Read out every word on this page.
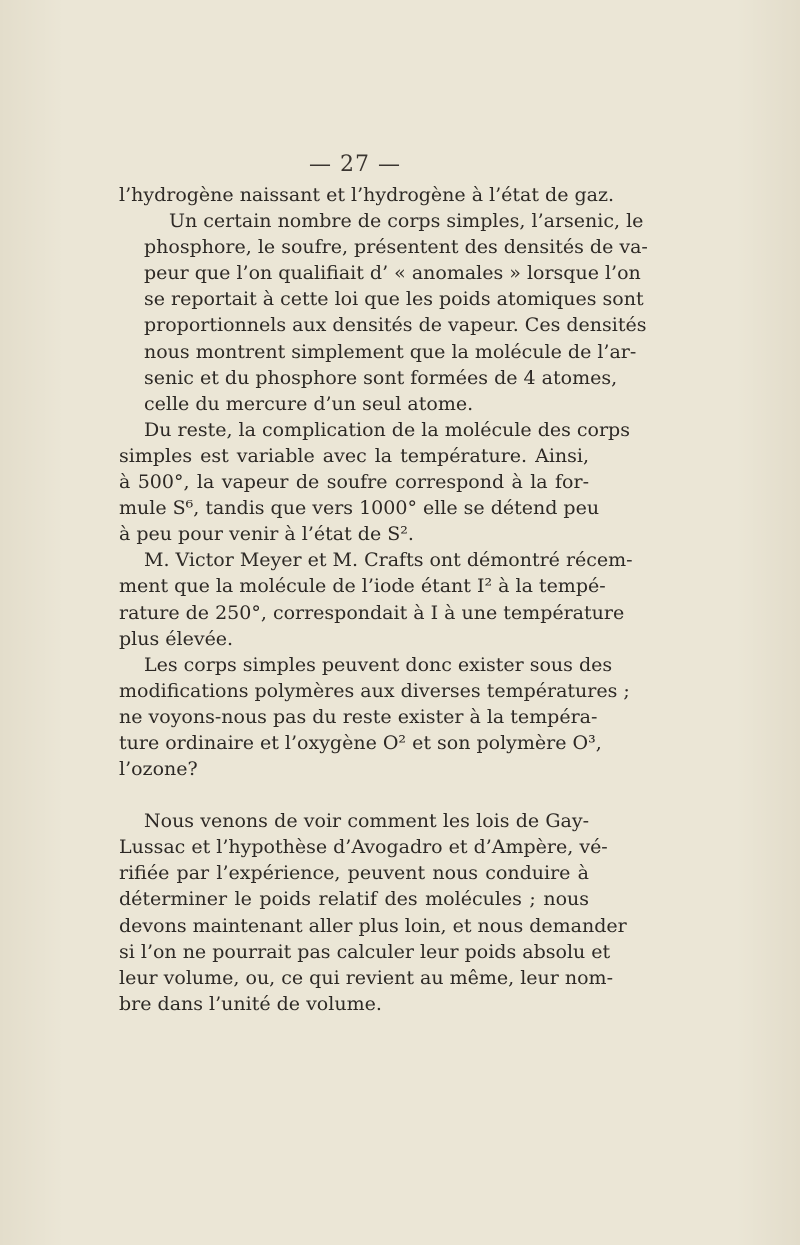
— 27 —

l’hydrogène naissant et l’hydrogène à l’état de gaz.

Un certain nombre de corps simples, l’arsenic, le
phosphore, le soufre, présentent des densités de va-
peur que l’on qualifiait d’ « anomales » lorsque l’on
se reportait à cette loi que les poids atomiques sont
proportionnels aux densités de vapeur. Ces densités
nous montrent simplement que la molécule de l’ar-
senic et du phosphore sont formées de 4 atomes,
celle du mercure d’un seul atome.

Du reste, la complication de la molécule des corps
simples est variable avec la température. Ainsi,
à 500°, la vapeur de soufre correspond à la for-
mule S⁶, tandis que vers 1000° elle se détend peu
à peu pour venir à l’état de S².

M. Victor Meyer et M. Crafts ont démontré récem-
ment que la molécule de l’iode étant I² à la tempé-
rature de 250°, correspondait à I à une température
plus élevée.

Les corps simples peuvent donc exister sous des
modifications polymères aux diverses températures ;
ne voyons-nous pas du reste exister à la tempéra-
ture ordinaire et l’oxygène O² et son polymère O³,
l’ozone?

Nous venons de voir comment les lois de Gay-
Lussac et l’hypothèse d’Avogadro et d’Ampère, vé-
rifiée par l’expérience, peuvent nous conduire à
déterminer le poids relatif des molécules ; nous
devons maintenant aller plus loin, et nous demander
si l’on ne pourrait pas calculer leur poids absolu et
leur volume, ou, ce qui revient au même, leur nom-
bre dans l’unité de volume.
